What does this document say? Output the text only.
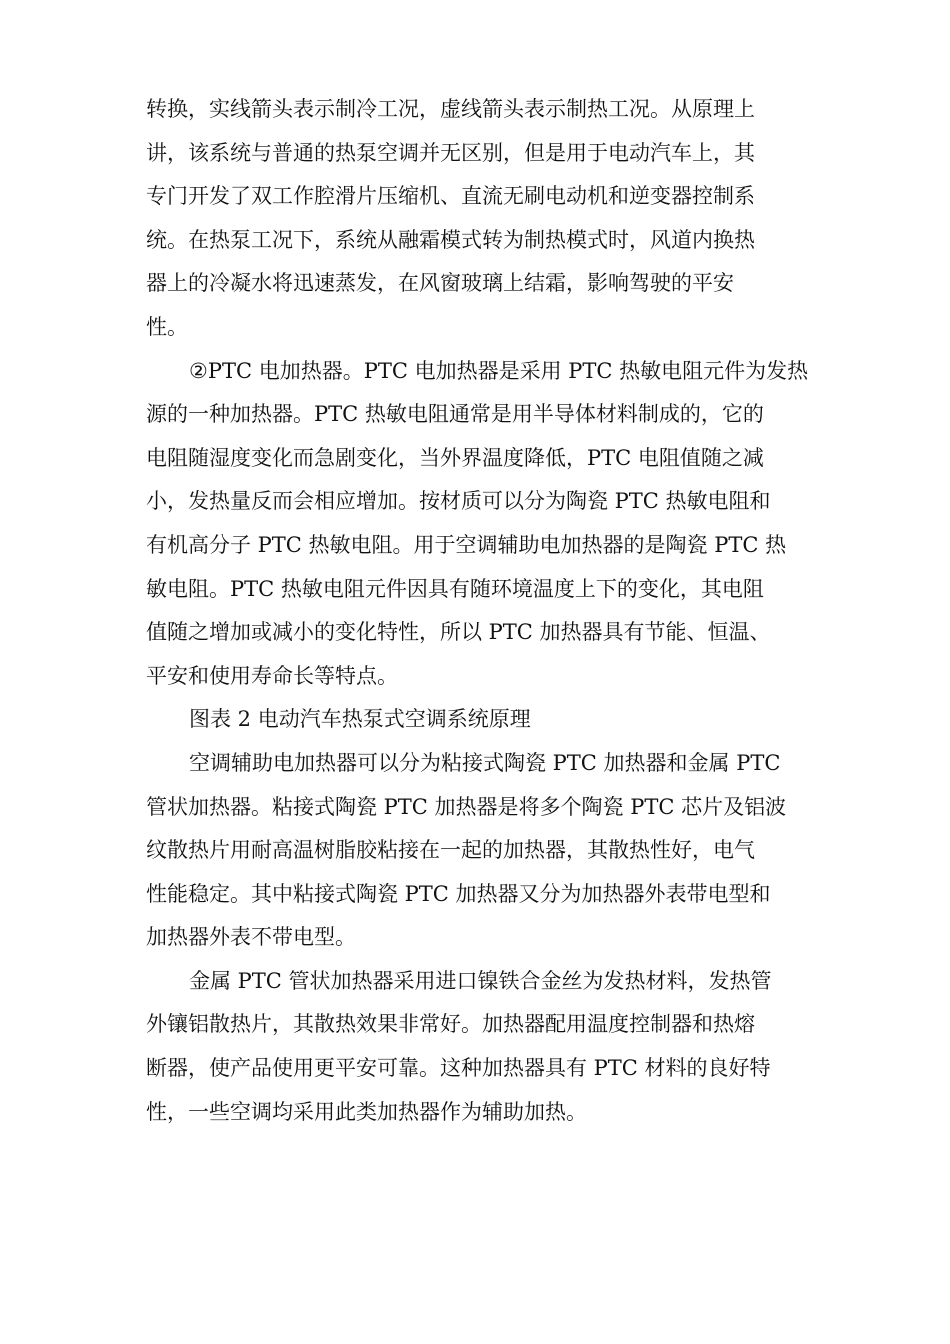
转换，实线箭头表示制冷工况，虚线箭头表示制热工况。从原理上
讲，该系统与普通的热泵空调并无区别，但是用于电动汽车上，其
专门开发了双工作腔滑片压缩机、直流无刷电动机和逆变器控制系
统。在热泵工况下，系统从融霜模式转为制热模式时，风道内换热
器上的冷凝水将迅速蒸发，在风窗玻璃上结霜，影响驾驶的平安
性。
②PTC 电加热器。PTC 电加热器是采用 PTC 热敏电阻元件为发热
源的一种加热器。PTC 热敏电阻通常是用半导体材料制成的，它的
电阻随湿度变化而急剧变化，当外界温度降低，PTC 电阻值随之减
小，发热量反而会相应增加。按材质可以分为陶瓷 PTC 热敏电阻和
有机高分子 PTC 热敏电阻。用于空调辅助电加热器的是陶瓷 PTC 热
敏电阻。PTC 热敏电阻元件因具有随环境温度上下的变化，其电阻
值随之增加或减小的变化特性，所以 PTC 加热器具有节能、恒温、
平安和使用寿命长等特点。
图表 2 电动汽车热泵式空调系统原理
空调辅助电加热器可以分为粘接式陶瓷 PTC 加热器和金属 PTC
管状加热器。粘接式陶瓷 PTC 加热器是将多个陶瓷 PTC 芯片及铝波
纹散热片用耐高温树脂胶粘接在一起的加热器，其散热性好，电气
性能稳定。其中粘接式陶瓷 PTC 加热器又分为加热器外表带电型和
加热器外表不带电型。
金属 PTC 管状加热器采用进口镍铁合金丝为发热材料，发热管
外镶铝散热片，其散热效果非常好。加热器配用温度控制器和热熔
断器，使产品使用更平安可靠。这种加热器具有 PTC 材料的良好特
性，一些空调均采用此类加热器作为辅助加热。
